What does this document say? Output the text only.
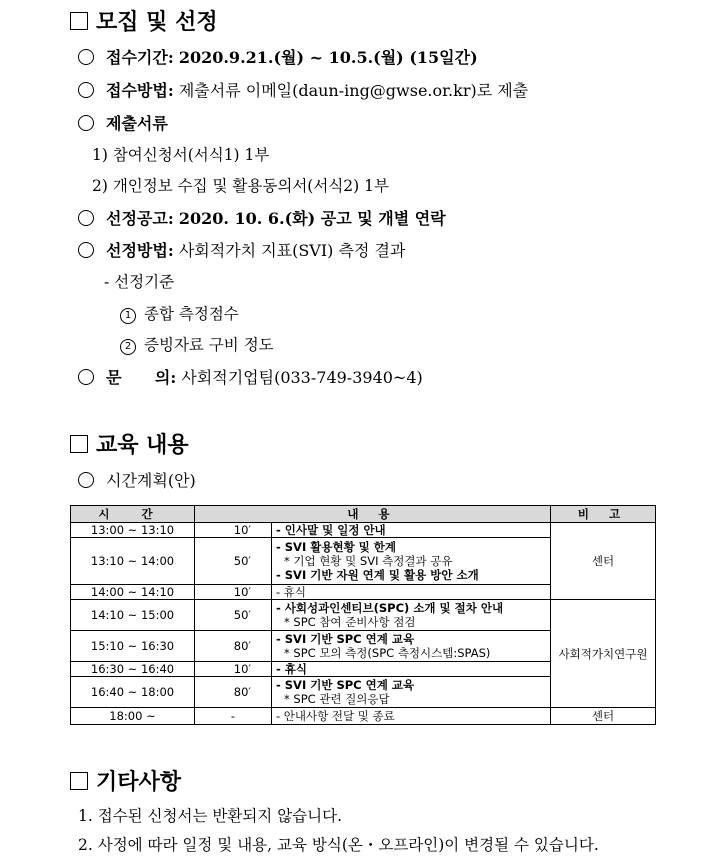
모집 및 선정
접수기간: 2020.9.21.(월) ~ 10.5.(월) (15일간)
접수방법: 제출서류 이메일(daun-ing@gwse.or.kr)로 제출
제출서류
1) 참여신청서(서식1) 1부
2) 개인정보 수집 및 활용동의서(서식2) 1부
선정공고: 2020. 10. 6.(화) 공고 및 개별 연락
선정방법: 사회적가치 지표(SVI) 측정 결과
- 선정기준
1 종합 측정점수
2 증빙자료 구비 정도
문      의: 사회적기업팀(033-749-3940~4)
교육 내용
시간계획(안)
시 간	내 용		비 고
13:00 ~ 13:10	10′	- 인사말 및 일정 안내	센터
13:10 ~ 14:00	50′	- SVI 활용현황 및 한계
* 기업 현황 및 SVI 측정결과 공유
- SVI 기반 자원 연계 및 활용 방안 소개	

14:00 ~ 14:10	10′	- 휴식	

14:10 ~ 15:00	50′	- 사회성과인센티브(SPC) 소개 및 절차 안내
* SPC 참여 준비사항 점검	사회적가치연구원
15:10 ~ 16:30	80′	- SVI 기반 SPC 연계 교육
* SPC 모의 측정(SPC 측정시스템:SPAS)	

16:30 ~ 16:40	10′	- 휴식	

16:40 ~ 18:00	80′	- SVI 기반 SPC 연계 교육
* SPC 관련 질의응답	

18:00 ~	-	- 안내사항 전달 및 종료	센터
기타사항
1. 접수된 신청서는 반환되지 않습니다.
2. 사정에 따라 일정 및 내용, 교육 방식(온・오프라인)이 변경될 수 있습니다.
